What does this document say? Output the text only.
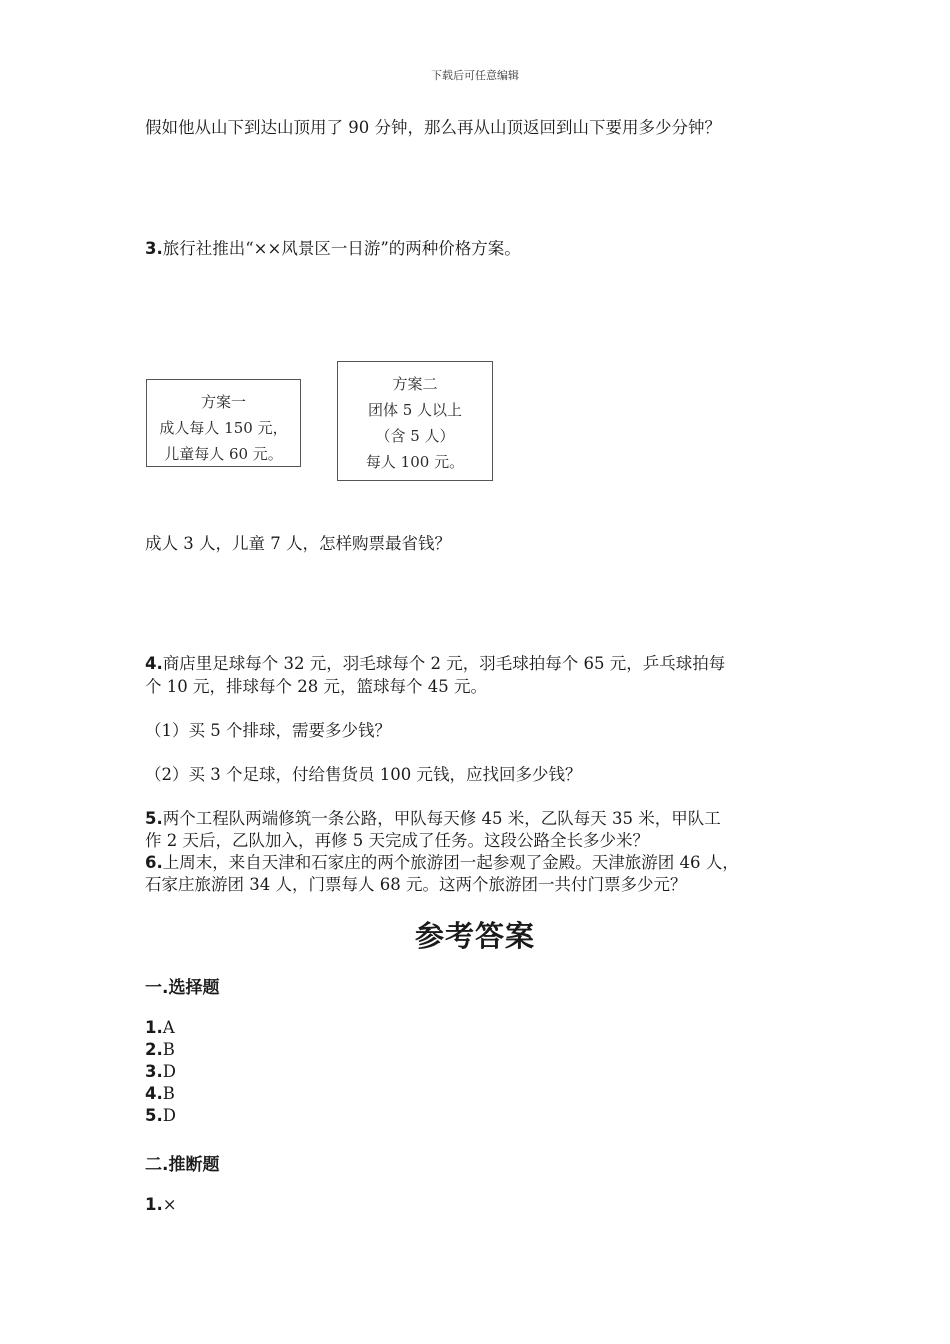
下载后可任意编辑
假如他从山下到达山顶用了 90 分钟，那么再从山顶返回到山下要用多少分钟？
3.旅行社推出“××风景区一日游”的两种价格方案。
方案一
成人每人 150 元，
儿童每人 60 元。
方案二
团体 5 人以上
（含 5 人）
每人 100 元。
成人 3 人，儿童 7 人，怎样购票最省钱？
4.商店里足球每个 32 元，羽毛球每个 2 元，羽毛球拍每个 65 元，乒乓球拍每
个 10 元，排球每个 28 元，篮球每个 45 元。
（1）买 5 个排球，需要多少钱？
（2）买 3 个足球，付给售货员 100 元钱，应找回多少钱？
5.两个工程队两端修筑一条公路，甲队每天修 45 米，乙队每天 35 米，甲队工
作 2 天后，乙队加入，再修 5 天完成了任务。这段公路全长多少米？
6.上周末，来自天津和石家庄的两个旅游团一起参观了金殿。天津旅游团 46 人，
石家庄旅游团 34 人，门票每人 68 元。这两个旅游团一共付门票多少元？
参考答案
一.选择题
1.A
2.B
3.D
4.B
5.D
二.推断题
1.×
